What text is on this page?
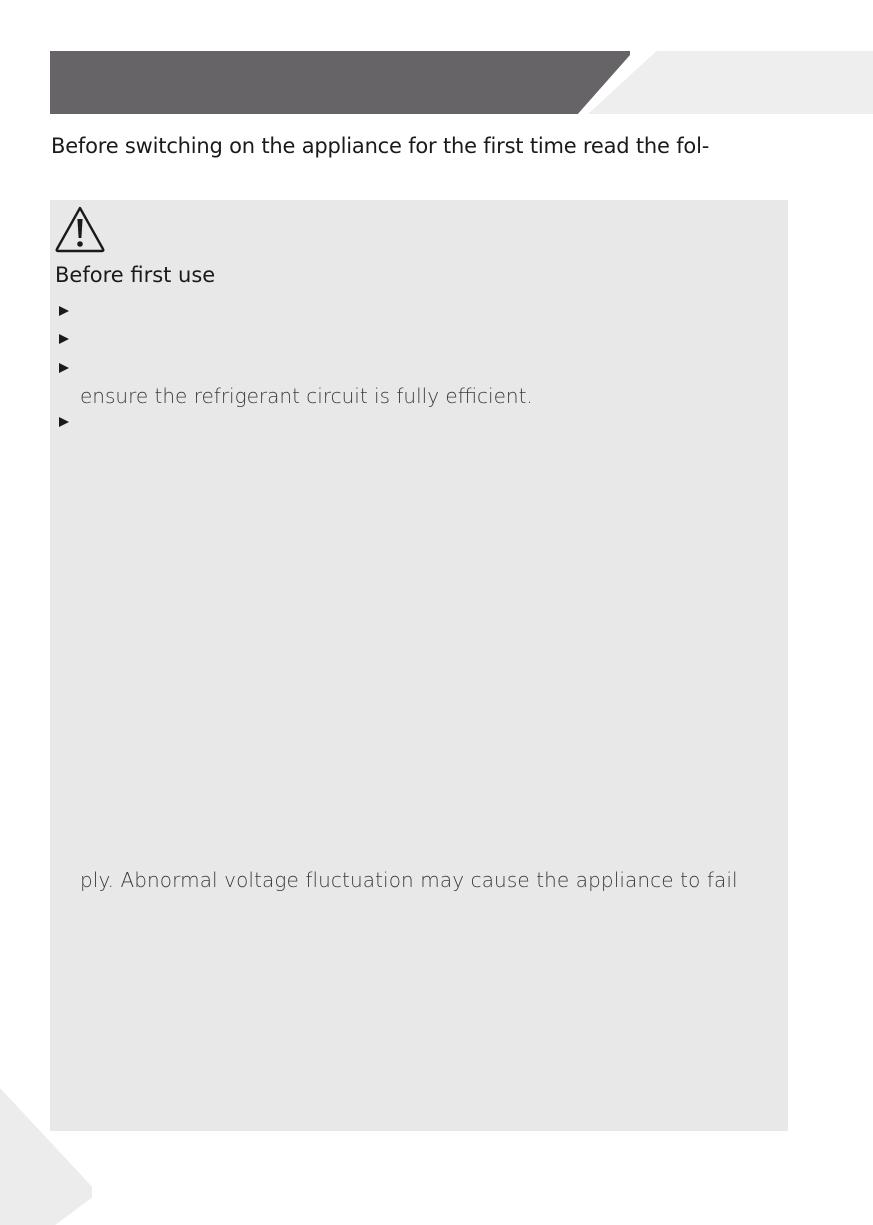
Before switching on the appliance for the first time read the fol-

Before first use

ensure the refrigerant circuit is fully efficient.

ply. Abnormal voltage fluctuation may cause the appliance to fail
